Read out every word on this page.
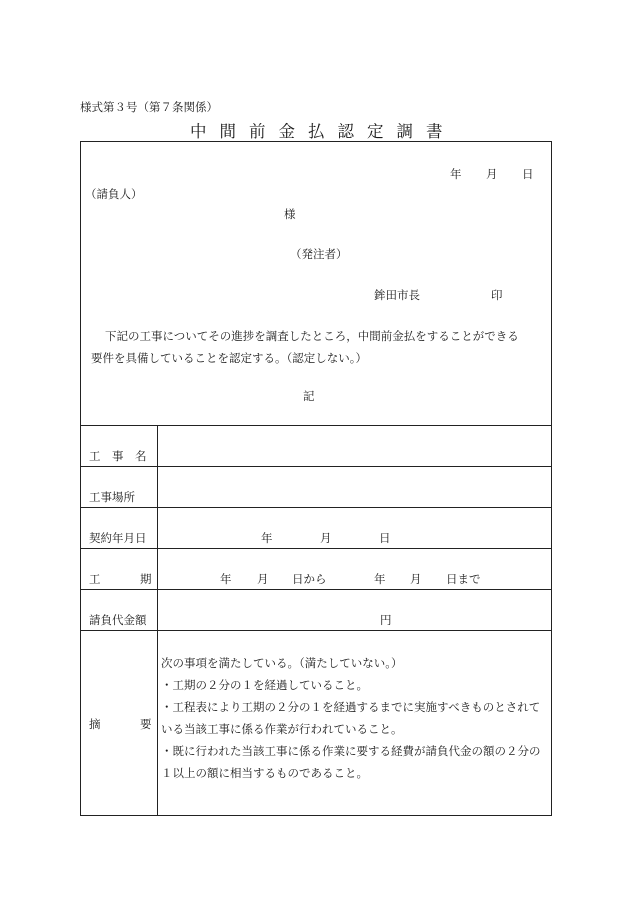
様式第３号（第７条関係）
中間前金払認定調書
年 月 日
（請負人）
様
（発注者）
鉾田市長	印
下記の工事についてその進捗を調査したところ，中間前金払をすることができる
要件を具備していることを認定する。（認定しない。）
記
工　事　名
工事場所
契約年月日	年	月	日
工	期	年 月 日から	年 月 日まで
請負代金額	円
摘	要
次の事項を満たしている。（満たしていない。）
・工期の２分の１を経過していること。
・工程表により工期の２分の１を経過するまでに実施すべきものとされて
いる当該工事に係る作業が行われていること。
・既に行われた当該工事に係る作業に要する経費が請負代金の額の２分の
１以上の額に相当するものであること。
